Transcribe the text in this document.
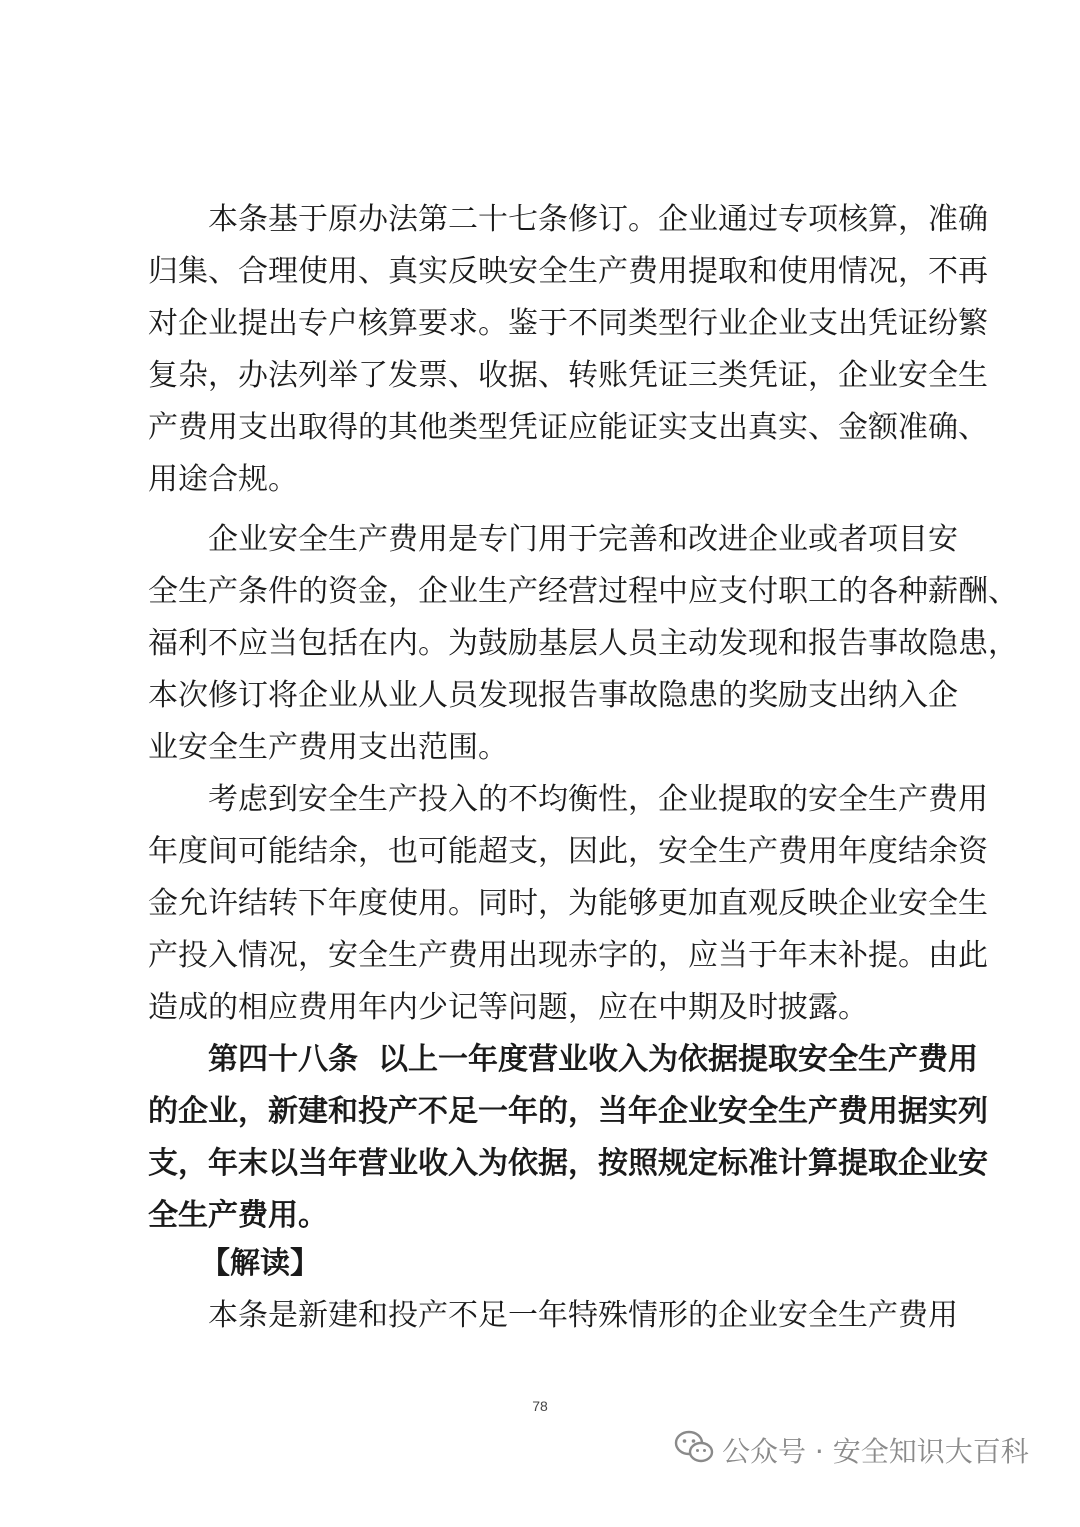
本条基于原办法第二十七条修订。企业通过专项核算，准确
归集、合理使用、真实反映安全生产费用提取和使用情况，不再
对企业提出专户核算要求。鉴于不同类型行业企业支出凭证纷繁
复杂，办法列举了发票、收据、转账凭证三类凭证，企业安全生
产费用支出取得的其他类型凭证应能证实支出真实、金额准确、
用途合规。
企业安全生产费用是专门用于完善和改进企业或者项目安
全生产条件的资金，企业生产经营过程中应支付职工的各种薪酬、
福利不应当包括在内。为鼓励基层人员主动发现和报告事故隐患，
本次修订将企业从业人员发现报告事故隐患的奖励支出纳入企
业安全生产费用支出范围。
考虑到安全生产投入的不均衡性，企业提取的安全生产费用
年度间可能结余，也可能超支，因此，安全生产费用年度结余资
金允许结转下年度使用。同时，为能够更加直观反映企业安全生
产投入情况，安全生产费用出现赤字的，应当于年末补提。由此
造成的相应费用年内少记等问题，应在中期及时披露。
第四十八条 以上一年度营业收入为依据提取安全生产费用
的企业，新建和投产不足一年的，当年企业安全生产费用据实列
支，年末以当年营业收入为依据，按照规定标准计算提取企业安
全生产费用。
【解读】
本条是新建和投产不足一年特殊情形的企业安全生产费用
78
公众号 · 安全知识大百科
